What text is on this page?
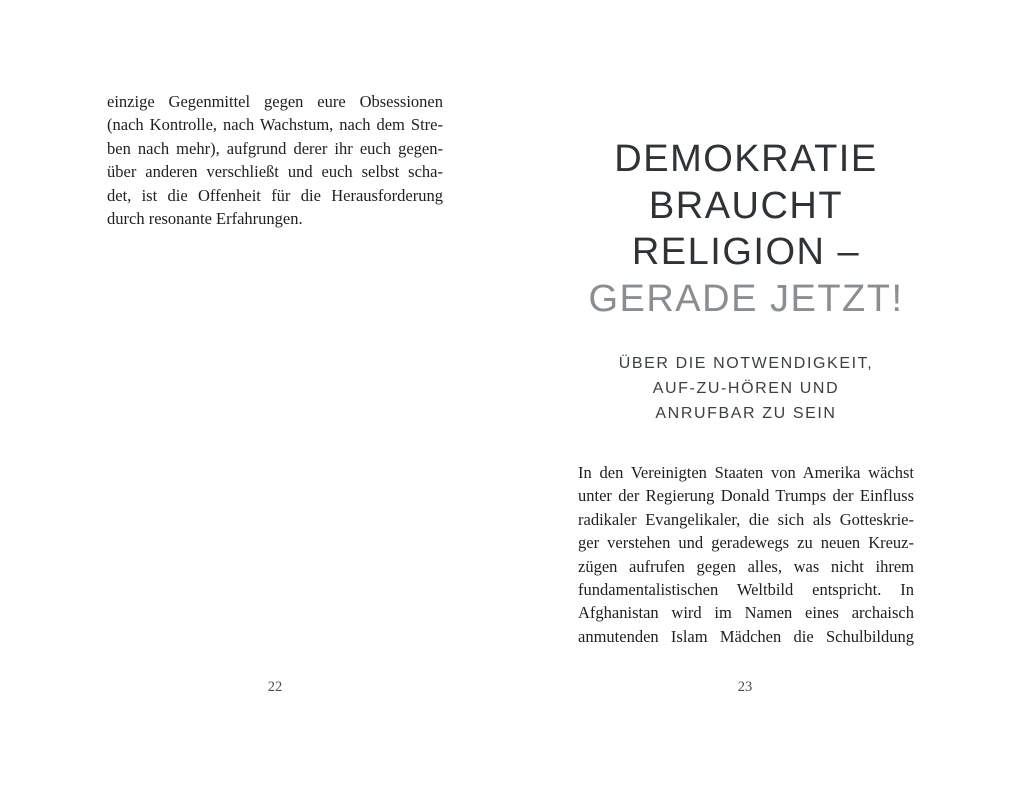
einzige Gegenmittel gegen eure Obsessionen
(nach Kontrolle, nach Wachstum, nach dem Stre-
ben nach mehr), aufgrund derer ihr euch gegen-
über anderen verschließt und euch selbst scha-
det, ist die Offenheit für die Herausforderung
durch resonante Erfahrungen.
22
DEMOKRATIE
BRAUCHT
RELIGION –
GERADE JETZT!
ÜBER DIE NOTWENDIGKEIT,
AUF-ZU-HÖREN UND
ANRUFBAR ZU SEIN
In den Vereinigten Staaten von Amerika wächst
unter der Regierung Donald Trumps der Einfluss
radikaler Evangelikaler, die sich als Gotteskrie-
ger verstehen und geradewegs zu neuen Kreuz-
zügen aufrufen gegen alles, was nicht ihrem
fundamentalistischen Weltbild entspricht. In
Afghanistan wird im Namen eines archaisch
anmutenden Islam Mädchen die Schulbildung
23
